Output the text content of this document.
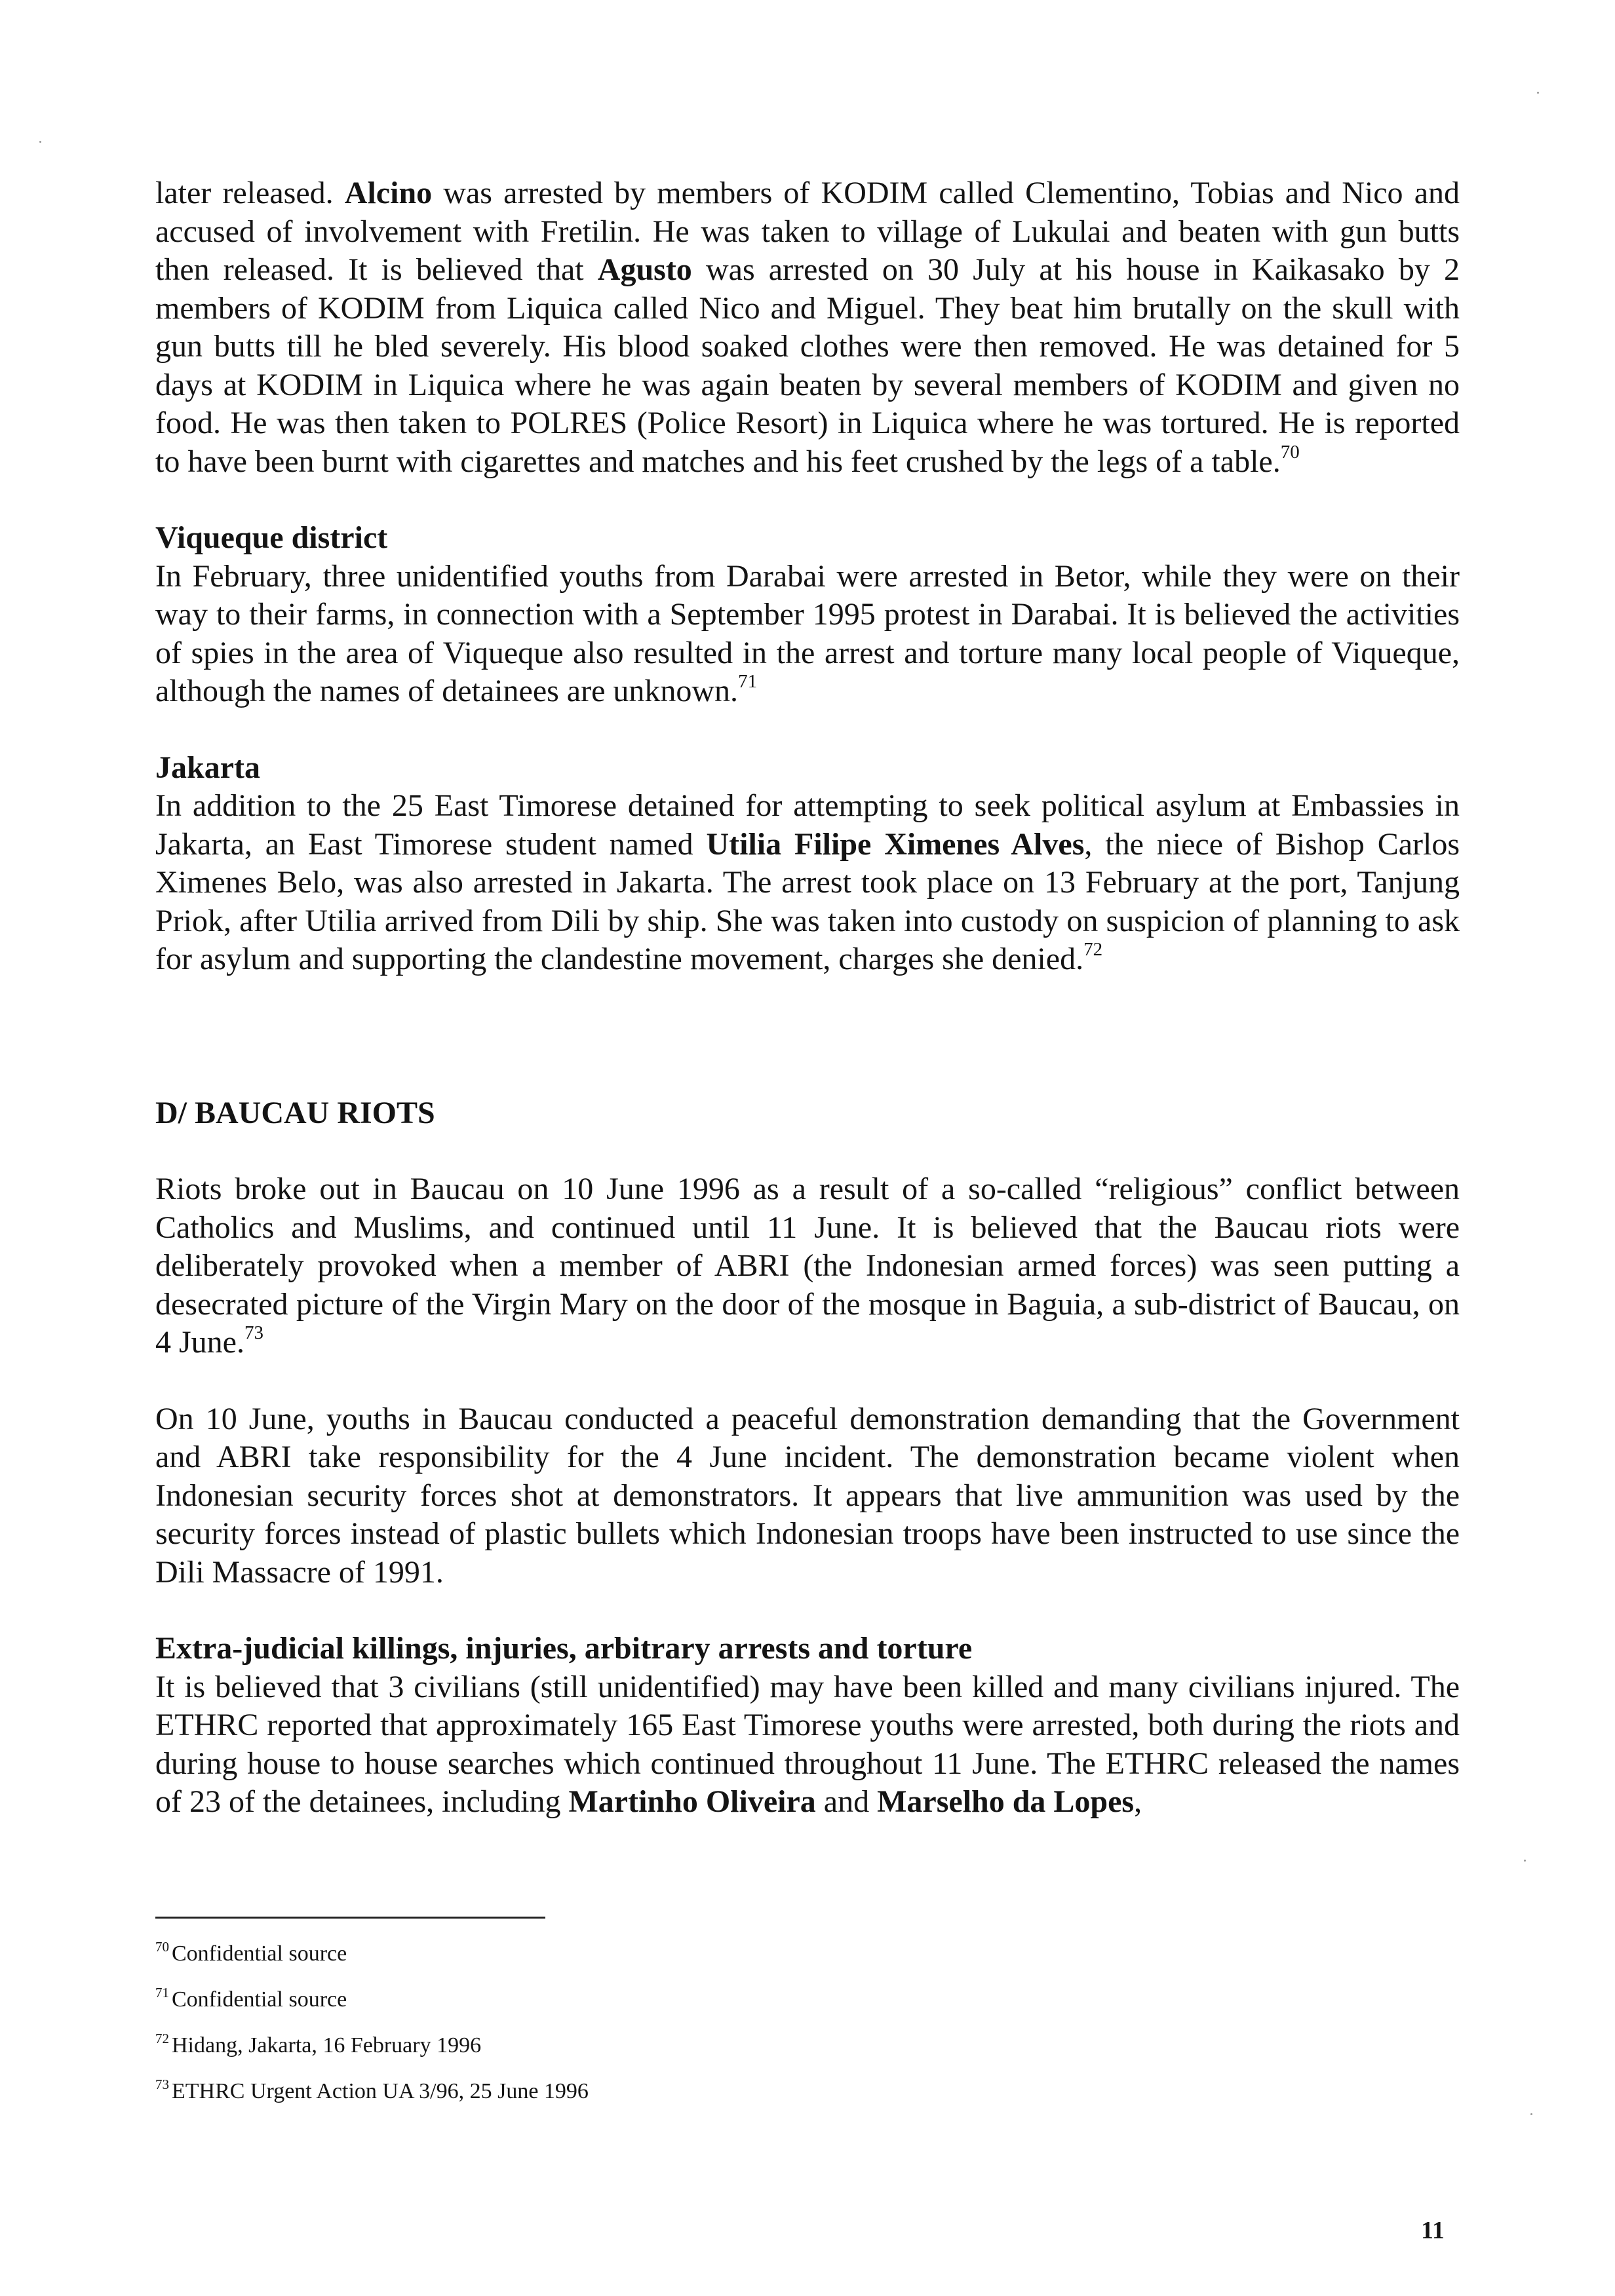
later released. Alcino was arrested by members of KODIM called Clementino, Tobias and Nico and accused of involvement with Fretilin. He was taken to village of Lukulai and beaten with gun butts then released. It is believed that Agusto was arrested on 30 July at his house in Kaikasako by 2 members of KODIM from Liquica called Nico and Miguel. They beat him brutally on the skull with gun butts till he bled severely. His blood soaked clothes were then removed. He was detained for 5 days at KODIM in Liquica where he was again beaten by several members of KODIM and given no food. He was then taken to POLRES (Police Resort) in Liquica where he was tortured. He is reported to have been burnt with cigarettes and matches and his feet crushed by the legs of a table.$^{70}$

Viqueque district

In February, three unidentified youths from Darabai were arrested in Betor, while they were on their way to their farms, in connection with a September 1995 protest in Darabai. It is believed the activities of spies in the area of Viqueque also resulted in the arrest and torture many local people of Viqueque, although the names of detainees are unknown.$^{71}$

Jakarta

In addition to the 25 East Timorese detained for attempting to seek political asylum at Embassies in Jakarta, an East Timorese student named Utilia Filipe Ximenes Alves, the niece of Bishop Carlos Ximenes Belo, was also arrested in Jakarta. The arrest took place on 13 February at the port, Tanjung Priok, after Utilia arrived from Dili by ship. She was taken into custody on suspicion of planning to ask for asylum and supporting the clandestine movement, charges she denied.$^{72}$

D/ BAUCAU RIOTS

Riots broke out in Baucau on 10 June 1996 as a result of a so-called “religious” conflict between Catholics and Muslims, and continued until 11 June. It is believed that the Baucau riots were deliberately provoked when a member of ABRI (the Indonesian armed forces) was seen putting a desecrated picture of the Virgin Mary on the door of the mosque in Baguia, a sub-district of Baucau, on 4 June.$^{73}$

On 10 June, youths in Baucau conducted a peaceful demonstration demanding that the Government and ABRI take responsibility for the 4 June incident. The demonstration became violent when Indonesian security forces shot at demonstrators. It appears that live ammunition was used by the security forces instead of plastic bullets which Indonesian troops have been instructed to use since the Dili Massacre of 1991.

Extra-judicial killings, injuries, arbitrary arrests and torture

It is believed that 3 civilians (still unidentified) may have been killed and many civilians injured. The ETHRC reported that approximately 165 East Timorese youths were arrested, both during the riots and during house to house searches which continued throughout 11 June. The ETHRC released the names of 23 of the detainees, including Martinho Oliveira and Marselho da Lopes,

$^{70}$ Confidential source
$^{71}$ Confidential source
$^{72}$ Hidang, Jakarta, 16 February 1996
$^{73}$ ETHRC Urgent Action UA 3/96, 25 June 1996
11
